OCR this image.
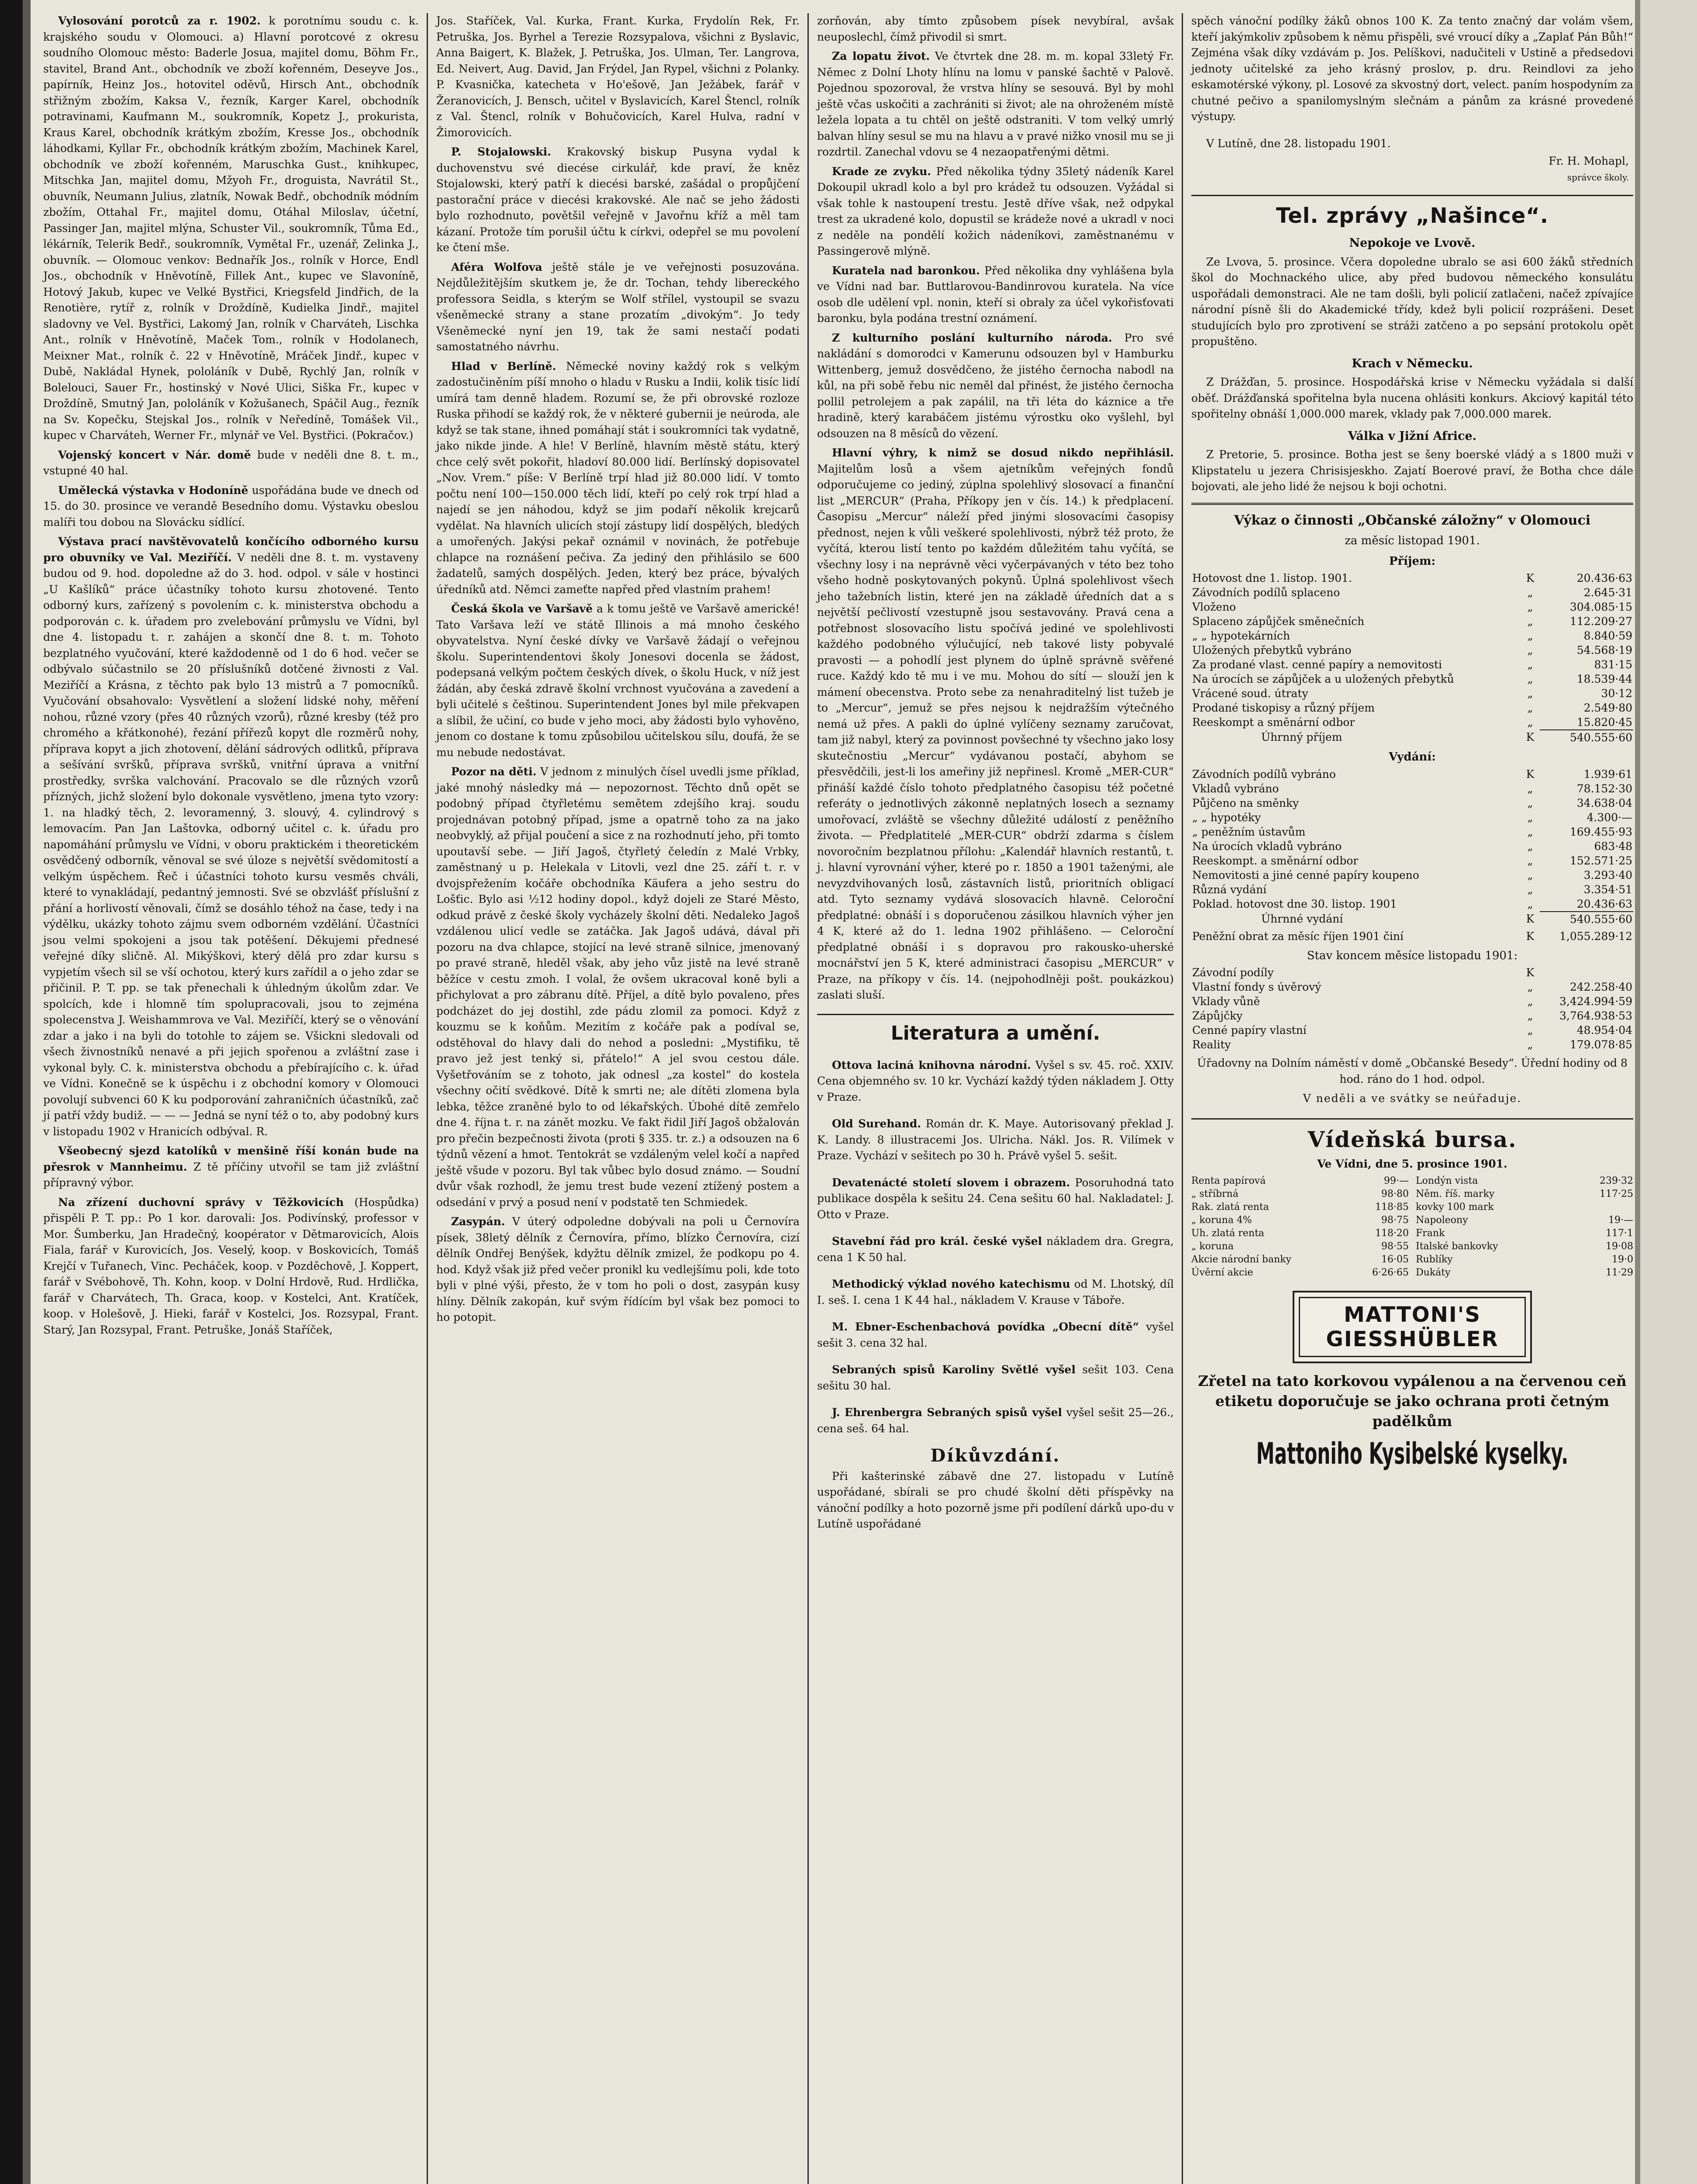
Vylosování porotců za r. 1902. k porotnímu soudu c. k. krajského soudu v Olomouci. a) Hlavní porotcové z okresu soudního Olomouc město: Baderle Josua, majitel domu, Böhm Fr., stavitel, Brand Ant., obchodník ve zboží kořenném, Deseyve Jos., papírník, Heinz Jos., hotovitel oděvů, Hirsch Ant., obchodník střižným zbožím, Kaksa V., řezník, Karger Karel, obchodník potravinami, Kaufmann M., soukromník, Kopetz J., prokurista, Kraus Karel, obchodník krátkým zbožím, Kresse Jos., obchodník láhodkami, Kyllar Fr., obchodník krátkým zbožím, Machinek Karel, obchodník ve zboží kořenném, Maruschka Gust., knihkupec, Mitschka Jan, majitel domu, Mžyoh Fr., droguista, Navrátil St., obuvník, Neumann Julius, zlatník, Nowak Bedř., obchodník módním zbožím, Ottahal Fr., majitel domu, Otáhal Miloslav, účetní, Passinger Jan, majitel mlýna, Schuster Vil., soukromník, Tůma Ed., lékárník, Telerik Bedř., soukromník, Vymětal Fr., uzenář, Zelinka J., obuvník. — Olomouc venkov: Bednařík Jos., rolník v Horce, Endl Jos., obchodník v Hněvotíně, Fillek Ant., kupec ve Slavoníně, Hotový Jakub, kupec ve Velké Bystřici, Kriegsfeld Jindřich, de la Renotière, rytíř z, rolník v Droždíně, Kudielka Jindř., majitel sladovny ve Vel. Bystřici, Lakomý Jan, rolník v Charváteh, Lischka Ant., rolník v Hněvotíně, Maček Tom., rolník v Hodolanech, Meixner Mat., rolník č. 22 v Hněvotíně, Mráček Jindř., kupec v Dubě, Nakládal Hynek, pololáník v Dubě, Rychlý Jan, rolník v Bolelouci, Sauer Fr., hostinský v Nové Ulici, Siška Fr., kupec v Droždíně, Smutný Jan, pololáník v Kožušanech, Spáčil Aug., řezník na Sv. Kopečku, Stejskal Jos., rolník v Neředíně, Tomášek Vil., kupec v Charváteh, Werner Fr., mlynář ve Vel. Bystřici. (Pokračov.)

Vojenský koncert v Nár. domě bude v neděli dne 8. t. m., vstupné 40 hal.

Umělecká výstavka v Hodoníně uspořádána bude ve dnech od 15. do 30. prosince ve verandě Besedního domu. Výstavku obeslou malíři tou dobou na Slovácku sídlící.

Výstava prací navštěvovatelů končícího odborného kursu pro obuvníky ve Val. Meziříčí. V neděli dne 8. t. m. vystaveny budou od 9. hod. dopoledne až do 3. hod. odpol. v sále v hostinci „U Kašlíků“ práce účastníky tohoto kursu zhotovené. Tento odborný kurs, zařízený s povolením c. k. ministerstva obchodu a podporován c. k. úřadem pro zvelebování průmyslu ve Vídni, byl dne 4. listopadu t. r. zahájen a skončí dne 8. t. m. Tohoto bezplatného vyučování, které každodenně od 1 do 6 hod. večer se odbývalo súčastnilo se 20 příslušníků dotčené živnosti z Val. Meziříčí a Krásna, z těchto pak bylo 13 mistrů a 7 pomocníků. Vyučování obsahovalo: Vysvětlení a složení lidské nohy, měření nohou, různé vzory (přes 40 různých vzorů), různé kresby (též pro chromého a křátkonohé), řezání přířezů kopyt dle rozměrů nohy, příprava kopyt a jich zhotovení, dělání sádrových odlitků, příprava a sešívání svršků, příprava svršků, vnitřní úprava a vnitřní prostředky, svrška valchování. Pracovalo se dle různých vzorů přízných, jichž složení bylo dokonale vysvětleno, jmena tyto vzory: 1. na hladký těch, 2. levoramenný, 3. slouvý, 4. cylindrový s lemovacím. Pan Jan Laštovka, odborný učitel c. k. úřadu pro napomáhání průmyslu ve Vídni, v oboru praktickém i theoretickém osvědčený odborník, věnoval se své úloze s největší svědomitostí a velkým úspěchem. Řeč i účastníci tohoto kursu vesměs chváli, které to vynakládají, pedantný jemnosti. Své se obzvlášť příslušní z přání a horlivostí věnovali, čímž se dosáhlo téhož na čase, tedy i na výdělku, ukázky tohoto zájmu svem odborném vzdělání. Účastníci jsou velmi spokojeni a jsou tak potěšení. Děkujemi přednesé veřejné díky sličně. Al. Mikýškovi, který dělá pro zdar kursu s vypjetím všech sil se vší ochotou, který kurs zařídil a o jeho zdar se přičinil. P. T. pp. se tak přenechali k úhledným úkolům zdar. Ve spolcích, kde i hlomně tím spolupracovali, jsou to zejména spolecenstva J. Weishammrova ve Val. Meziříčí, který se o věnování zdar a jako i na byli do totohle to zájem se. Všickni sledovali od všech živnostníků nenavé a při jejich spořenou a zvláštní zase i vykonal byly. C. k. ministerstva obchodu a přebírajícího c. k. úřad ve Vídni. Konečně se k úspěchu i z obchodní komory v Olomouci povolují subvenci 60 K ku podporování zahraničních účastníků, zač jí patří vždy budiž. — — — Jedná se nyní též o to, aby podobný kurs v listopadu 1902 v Hranicích odbýval. R.

Všeobecný sjezd katolíků v menšině říší konán bude na přesrok v Mannheimu. Z tě příčiny utvořil se tam již zvláštní přípravný výbor.

Na zřízení duchovní správy v Těžkovicích (Hospůdka) přispěli P. T. pp.: Po 1 kor. darovali: Jos. Podivínský, professor v Mor. Šumberku, Jan Hradečný, koopérator v Dětmarovicích, Alois Fiala, farář v Kurovicích, Jos. Veselý, koop. v Boskovicích, Tomáš Krejčí v Tuřanech, Vinc. Pecháček, koop. v Pozděchově, J. Koppert, farář v Svébohově, Th. Kohn, koop. v Dolní Hrdově, Rud. Hrdlička, farář v Charvátech, Th. Graca, koop. v Kostelci, Ant. Kratíček, koop. v Holešově, J. Hieki, farář v Kostelci, Jos. Rozsypal, Frant. Starý, Jan Rozsypal, Frant. Petruške, Jonáš Staříček,

Jos. Staříček, Val. Kurka, Frant. Kurka, Frydolín Rek, Fr. Petruška, Jos. Byrhel a Terezie Rozsypalova, všichni z Byslavic, Anna Baigert, K. Blažek, J. Petruška, Jos. Ulman, Ter. Langrova, Ed. Neivert, Aug. David, Jan Frýdel, Jan Rypel, všichni z Polanky. P. Kvasnička, katecheta v Ho'ešově, Jan Ježábek, farář v Žeranovicích, J. Bensch, učitel v Byslavicích, Karel Štencl, rolník z Val. Štencl, rolník v Bohučovicích, Karel Hulva, radní v Žimorovicích.

P. Stojalowski. Krakovský biskup Pusyna vydal k duchovenstvu své diecése cirkulář, kde praví, že kněz Stojalowski, který patří k diecési barské, zašádal o propůjčení pastorační práce v diecési krakovské. Ale nač se jeho žádosti bylo rozhodnuto, povětšil veřejně v Javořnu kříž a měl tam kázaní. Protože tím porušil účtu k církvi, odepřel se mu povolení ke čtení mše.

Aféra Wolfova ještě stále je ve veřejnosti posuzována. Nejdůležitějším skutkem je, že dr. Tochan, tehdy libereckého professora Seidla, s kterým se Wolf střílel, vystoupil se svazu všeněmecké strany a stane prozatím „divokým“. Jo tedy Všeněmecké nyní jen 19, tak že sami nestačí podati samostatného návrhu.

Hlad v Berlíně. Německé noviny každý rok s velkým zadostučiněním píší mnoho o hladu v Rusku a Indii, kolik tisíc lidí umírá tam denně hladem. Rozumí se, že při obrovské rozloze Ruska přihodí se každý rok, že v některé gubernii je neúroda, ale když se tak stane, ihned pomáhají stát i soukromníci tak vydatně, jako nikde jinde. A hle! V Berlíně, hlavním městě státu, který chce celý svět pokořit, hladoví 80.000 lidí. Berlínský dopisovatel „Nov. Vrem.“ píše: V Berlíně trpí hlad již 80.000 lidí. V tomto počtu není 100—150.000 těch lidí, kteří po celý rok trpí hlad a najedí se jen náhodou, když se jim podaří několik krejcarů vydělat. Na hlavních ulicích stojí zástupy lidí dospělých, bledých a umořených. Jakýsi pekař oznámil v novinách, že potřebuje chlapce na roznášení pečiva. Za jediný den přihlásilo se 600 žadatelů, samých dospělých. Jeden, který bez práce, bývalých úředníků atd. Němci zameťte napřed před vlastním prahem!

Česká škola ve Varšavě a k tomu ještě ve Varšavě americké! Tato Varšava leží ve státě Illinois a má mnoho českého obyvatelstva. Nyní české dívky ve Varšavě žádají o veřejnou školu. Superintendentovi školy Jonesovi docenla se žádost, podepsaná velkým počtem českých dívek, o školu Huck, v níž jest žádán, aby česká zdravě školní vrchnost vyučována a zavedení a byli učitelé s češtinou. Superintendent Jones byl mile překvapen a slíbil, že učiní, co bude v jeho moci, aby žádosti bylo vyhověno, jenom co dostane k tomu způsobilou učitelskou sílu, doufá, že se mu nebude nedostávat.

Pozor na děti. V jednom z minulých čísel uvedli jsme příklad, jaké mnohý následky má — nepozornost. Těchto dnů opět se podobný případ čtyřletému semětem zdejšího kraj. soudu projednávan potobný případ, jsme a opatrně toho za na jako neobvyklý, až přijal poučení a sice z na rozhodnutí jeho, při tomto upoutavší sebe. — Jiří Jagoš, čtyřletý čeledín z Malé Vrbky, zaměstnaný u p. Helekala v Litovli, vezl dne 25. září t. r. v dvojspřežením kočáře obchodníka Käufera a jeho sestru do Lošťic. Bylo asi ½12 hodiny dopol., když dojeli ze Staré Město, odkud právě z české školy vycházely školní děti. Nedaleko Jagoš vzdálenou ulicí vedle se zatáčka. Jak Jagoš udává, dával při pozoru na dva chlapce, stojící na levé straně silnice, jmenovaný po pravé straně, hleděl však, aby jeho vůz jistě na levé straně běžíce v cestu zmoh. I volal, že ovšem ukracoval koně byli a přichylovat a pro zábranu dítě. Příjel, a dítě bylo povaleno, přes podcházet do jej dostihl, zde pádu zlomil za pomoci. Když z kouzmu se k koňům. Mezitím z kočáře pak a podíval se, odstěhoval do hlavy dali do nehod a posledni: „Mystifiku, tě pravo jež jest tenký si, přátelo!“ A jel svou cestou dále. Vyšetřováním se z tohoto, jak odnesl „za kostel“ do kostela všechny očití svědkové. Dítě k smrti ne; ale dítěti zlomena byla lebka, těžce zraněné bylo to od lékařských. Úbohé dítě zemřelo dne 4. října t. r. na zánět mozku. Ve fakt řidil Jiří Jagoš obžalován pro přečin bezpečnosti života (proti § 335. tr. z.) a odsouzen na 6 týdnů vězení a hmot. Tentokrát se vzdáleným velel kočí a napřed ještě všude v pozoru. Byl tak vůbec bylo dosud známo. — Soudní dvůr však rozhodl, že jemu trest bude vezení ztížený postem a odsedání v prvý a posud není v podstatě ten Schmiedek.

Zasypán. V úterý odpoledne dobývali na poli u Černovíra písek, 38letý dělník z Černovíra, přímo, blízko Černovíra, cizí dělník Ondřej Benýšek, kdyžtu dělník zmizel, že podkopu po 4. hod. Když však již před večer pronikl ku vedlejšímu poli, kde toto byli v plné výši, přesto, že v tom ho poli o dost, zasypán kusy hlíny. Dělník zakopán, kuř svým řídícím byl však bez pomoci to ho potopit.

zorňován, aby tímto způsobem písek nevybíral, avšak neuposlechl, čímž přivodil si smrt.

Za lopatu život. Ve čtvrtek dne 28. m. m. kopal 33letý Fr. Němec z Dolní Lhoty hlínu na lomu v panské šachtě v Palově. Pojednou spozoroval, že vrstva hlíny se sesouvá. Byl by mohl ještě včas uskočiti a zachrániti si život; ale na ohroženém místě ležela lopata a tu chtěl on ještě odstraniti. V tom velký umrlý balvan hlíny sesul se mu na hlavu a v pravé nižko vnosil mu se ji rozdrtil. Zanechal vdovu se 4 nezaopatřenými dětmi.

Krade ze zvyku. Před několika týdny 35letý nádeník Karel Dokoupil ukradl kolo a byl pro krádež tu odsouzen. Vyžádal si však tohle k nastoupení trestu. Jestě dříve však, než odpykal trest za ukradené kolo, dopustil se krádeže nové a ukradl v noci z neděle na pondělí kožich nádeníkovi, zaměstnanému v Passingerově mlýně.

Kuratela nad baronkou. Před několika dny vyhlášena byla ve Vídni nad bar. Buttlarovou-Bandinrovou kuratela. Na více osob dle udělení vpl. nonin, kteří si obraly za účel vykořisťovati baronku, byla podána trestní oznámení.

Z kulturního poslání kulturního národa. Pro své nakládání s domorodci v Kamerunu odsouzen byl v Hamburku Wittenberg, jemuž dosvědčeno, že jistého černocha nabodl na kůl, na při sobě řebu nic neměl dal přinést, že jistého černocha pollil petrolejem a pak zapálil, na tři léta do káznice a tře hradině, který karabáčem jistému výrostku oko vyšlehl, byl odsouzen na 8 měsíců do vězení.

Hlavní výhry, k nimž se dosud nikdo nepřihlásil. Majitelům losů a všem ajetníkům veřejných fondů odporučujeme co jediný, zúplna spolehlivý slosovací a finanční list „MERCUR“ (Praha, Příkopy jen v čís. 14.) k předplacení. Časopisu „Mercur“ náleží před jinými slosovacími časopisy přednost, nejen k vůli veškeré spolehlivosti, nýbrž též proto, že vyčítá, kterou listí tento po každém důležitém tahu vyčítá, se všechny losy i na neprávně věci vyčerpávaných v této bez toho všeho hodně poskytovaných pokynů. Úplná spolehlivost všech jeho tažebních listin, které jen na základě úředních dat a s největší pečlivostí vzestupně jsou sestavovány. Pravá cena a potřebnost slosovacího listu spočívá jediné ve spolehlivosti každého podobného výlučující, neb takové listy pobyvalé pravosti — a pohodlí jest plynem do úplně správně svěřené ruce. Každý kdo tě mu i ve mu. Mohou do sítí — slouží jen k mámení obecenstva. Proto sebe za nenahraditelný list tužeb je to „Mercur“, jemuž se přes nejsou k nejdražším výtečného nemá už přes. A pakli do úplné vylíčeny seznamy zaručovat, tam již nabyl, který za povinnost povšechné ty všechno jako losy skutečnostiu „Mercur“ vydávanou postačí, abyhom se přesvědčili, jest-li los ameřiny již nepřinesl. Kromě „MER-CUR“ přináší každé číslo tohoto předplatného časopisu též početné referáty o jednotlivých zákonně neplatných losech a seznamy umořovací, zvláště se všechny důležité událostí z peněžního života. — Předplatitelé „MER-CUR“ obdrží zdarma s číslem novoročním bezplatnou přílohu: „Kalendář hlavních restantů, t. j. hlavní vyrovnání výher, které po r. 1850 a 1901 taženými, ale nevyzdvihovaných losů, zástavních listů, prioritních obligací atd. Tyto seznamy vydává slosovacích hlavně. Celoroční předplatné: obnáší i s doporučenou zásilkou hlavních výher jen 4 K, které až do 1. ledna 1902 přihlášeno. — Celoroční předplatné obnáší i s dopravou pro rakousko-uherské mocnářství jen 5 K, které administraci časopisu „MERCUR“ v Praze, na příkopy v čís. 14. (nejpohodlněji pošt. poukázkou) zaslati sluší.

Literatura a umění.

Ottova laciná knihovna národní. Vyšel s sv. 45. roč. XXIV. Cena objemného sv. 10 kr. Vychází každý týden nákladem J. Otty v Praze.

Old Surehand. Román dr. K. Maye. Autorisovaný překlad J. K. Landy. 8 illustracemi Jos. Ulricha. Nákl. Jos. R. Vilímek v Praze. Vychází v sešitech po 30 h. Právě vyšel 5. sešit.

Devatenácté století slovem i obrazem. Posoruhodná tato publikace dospěla k sešitu 24. Cena sešitu 60 hal. Nakladatel: J. Otto v Praze.

Stavební řád pro král. české vyšel nákladem dra. Gregra, cena 1 K 50 hal.

Methodický výklad nového katechismu od M. Lhotský, díl I. seš. I. cena 1 K 44 hal., nákladem V. Krause v Táboře.

M. Ebner-Eschenbachová povídka „Obecní dítě“ vyšel sešit 3. cena 32 hal.

Sebraných spisů Karoliny Světlé vyšel sešit 103. Cena sešitu 30 hal.

J. Ehrenbergra Sebraných spisů vyšel vyšel sešit 25—26., cena seš. 64 hal.

Díkůvzdání.

Při kašterinské zábavě dne 27. listopadu v Lutíně uspořádané, sbírali se pro chudé školní děti příspěvky na vánoční podílky a hoto pozorně jsme při podílení dárků upo-du v Lutíně uspořádané

spěch vánoční podílky žáků obnos 100 K. Za tento značný dar volám všem, kteří jakýmkoliv způsobem k němu přispěli, své vroucí díky a „Zaplať Pán Bůh!“ Zejména však díky vzdávám p. Jos. Pelíškovi, nadučiteli v Ustině a předsedovi jednoty učitelské za jeho krásný proslov, p. dru. Reindlovi za jeho eskamotérské výkony, pl. Losové za skvostný dort, velect. paním hospodyním za chutné pečivo a spanilomyslným slečnám a pánům za krásné provedené výstupy.

V Lutíně, dne 28. listopadu 1901.

Fr. H. Mohapl,
správce školy.
Tel. zprávy „Našince“.
Nepokoje ve Lvově.

Ze Lvova, 5. prosince. Včera dopoledne ubralo se asi 600 žáků středních škol do Mochnackého ulice, aby před budovou německého konsulátu uspořádali demonstraci. Ale ne tam došli, byli policií zatlačeni, načež zpívajíce národní písně šli do Akademické třídy, kdež byli policií rozprášeni. Deset studujících bylo pro zprotivení se stráži zatčeno a po sepsání protokolu opět propuštěno.

Krach v Německu.

Z Drážďan, 5. prosince. Hospodářská krise v Německu vyžádala si další oběť. Drážďanská spořitelna byla nucena ohlásiti konkurs. Akciový kapitál této spořitelny obnáší 1,000.000 marek, vklady pak 7,000.000 marek.

Válka v Jižní Africe.

Z Pretorie, 5. prosince. Botha jest se šeny boerské vládý a s 1800 muži v Klipstatelu u jezera Chrisisjeskho. Zajatí Boerové praví, že Botha chce dále bojovati, ale jeho lidé že nejsou k boji ochotni.

Výkaz o činnosti „Občanské záložny“ v Olomouci
za měsíc listopad 1901.
Příjem:
Hotovost dne 1. listop. 1901.	K	20.436·63
Závodních podílů splaceno	„	2.645·31
Vloženo	„	304.085·15
Splaceno zápůjček směnečních	„	112.209·27
„ „ hypotekárních	„	8.840·59
Uložených přebytků vybráno	„	54.568·19
Za prodané vlast. cenné papíry a nemovitosti	„	831·15
Na úrocích se zápůjček a u uložených přebytků	„	18.539·44
Vrácené soud. útraty	„	30·12
Prodané tiskopisy a různý příjem	„	2.549·80
Reeskompt a směnární odbor	„	15.820·45
Úhrnný příjem	K	540.555·60
Vydání:
Závodních podílů vybráno	K	1.939·61
Vkladů vybráno	„	78.152·30
Půjčeno na směnky	„	34.638·04
„ „ hypotéky	„	4.300·—
„ peněžním ústavům	„	169.455·93
Na úrocích vkladů vybráno	„	683·48
Reeskompt. a směnární odbor	„	152.571·25
Nemovitosti a jiné cenné papíry koupeno	„	3.293·40
Různá vydání	„	3.354·51
Poklad. hotovost dne 30. listop. 1901	„	20.436·63
Úhrnné vydání	K	540.555·60
Peněžní obrat za měsíc říjen 1901 činí	K	1,055.289·12
Stav koncem měsíce listopadu 1901:
Závodní podíly	K	
Vlastní fondy s úvěrový	„	242.258·40
Vklady vůně	„	3,424.994·59
Zápůjčky	„	3,764.938·53
Cenné papíry vlastní	„	48.954·04
Reality	„	179.078·85

Úřadovny na Dolním náměstí v domě „Občanské Besedy“. Úřední hodiny od 8 hod. ráno do 1 hod. odpol.

V neděli a ve svátky se neúřaduje.

Vídeňská bursa.
Ve Vídni, dne 5. prosince 1901.
Renta papírová	99·—
„ stříbrná	98·80
Rak. zlatá renta	118·85
„ koruna 4%	98·75
Uh. zlatá renta	118·20
„ koruna	98·55
Akcie národní banky	16·05
Úvěrní akcie	6·26·65
Londýn vista	239·32
Něm. říš. marky	117·25
kovky 100 mark
Napoleony	19·—
Frank	117·1
Italské bankovky	19·08
Rublíky	19·0
Dukáty	11·29
MATTONI'S
GIESSHÜBLER
Zřetel na tato korkovou vypálenou a na červenou ceň etiketu doporučuje se jako ochrana proti četným padělkům
Mattoniho Kysibelské kyselky.
